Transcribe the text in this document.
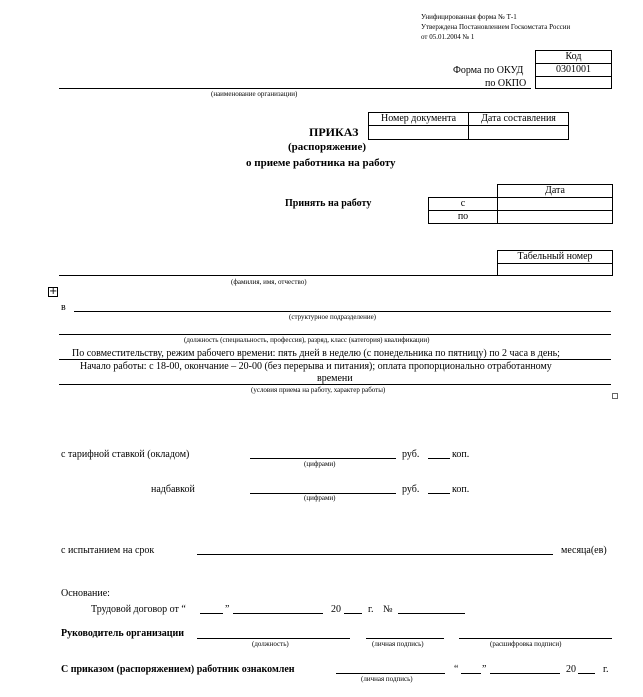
Унифицированная форма № Т-1
Утверждена Постановлением Госкомстата России
от 05.01.2004 № 1
Код
0301001
Форма по ОКУД
по ОКПО
(наименование организации)
Номер документа	Дата составления
ПРИКАЗ
(распоряжение)
о приеме работника на работу
Дата
с
по
Принять на работу
Табельный номер
(фамилия, имя, отчество)
+
в
(структурное подразделение)
(должность (специальность, профессия), разряд, класс (категория) квалификации)
По совместительству, режим рабочего времени: пять дней в неделю (с понедельника по пятницу) по 2 часа в день;
Начало работы: с 18-00, окончание – 20-00 (без перерыва и питания); оплата пропорционально отработанному
времени
(условия приема на работу, характер работы)
с тарифной ставкой (окладом)
(цифрами)
руб.	коп.
надбавкой
(цифрами)
руб.	коп.
с испытанием на срок	месяца(ев)
Основание:
Трудовой договор от “	”	20	г. №
Руководитель организации
(должность)	(личная подпись)	(расшифровка подписи)
С приказом (распоряжением) работник ознакомлен
(личная подпись)
“ ”	20	г.
